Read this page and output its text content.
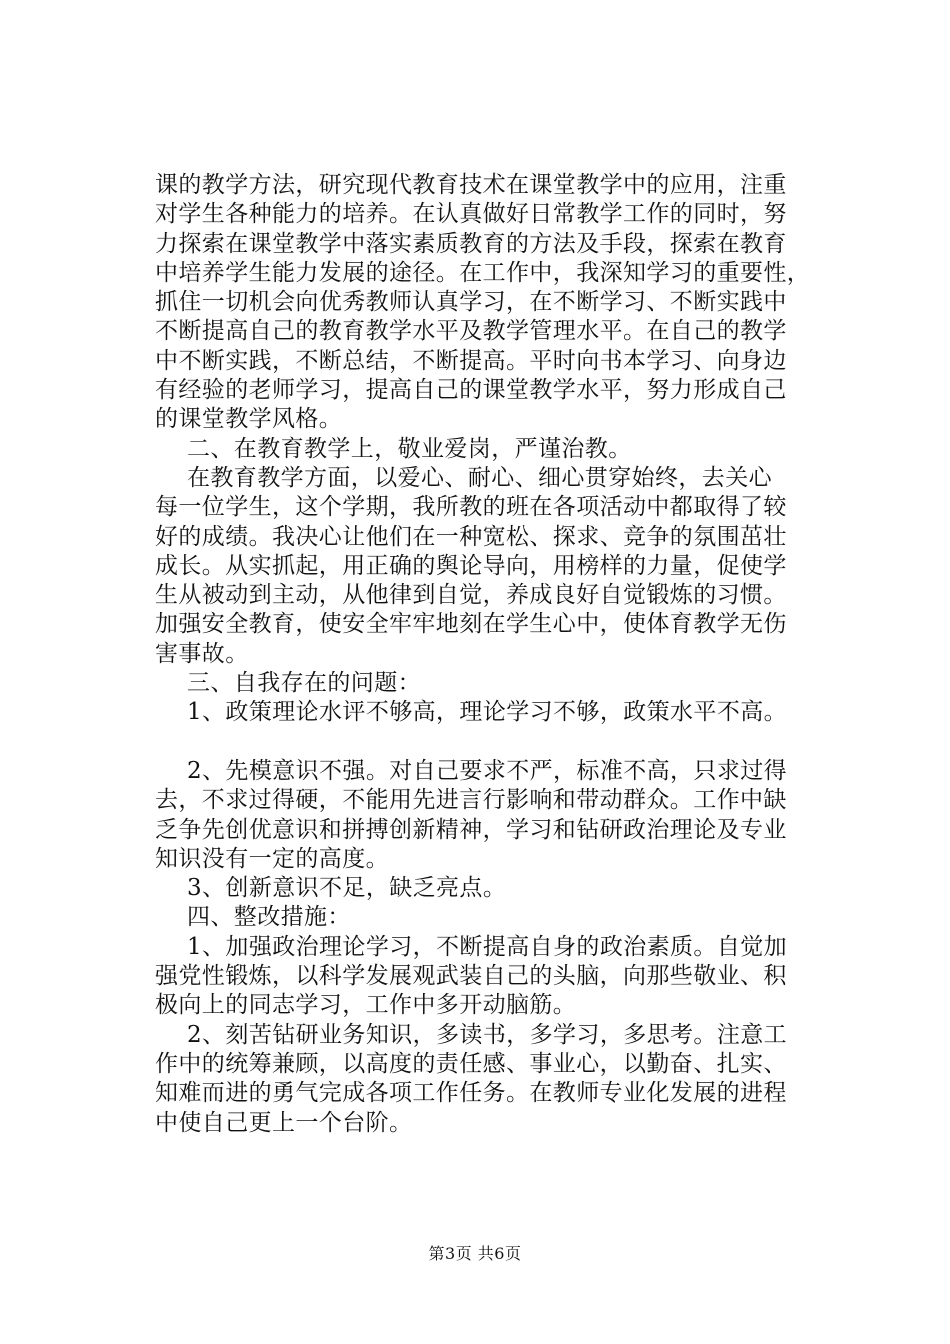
课的教学方法，研究现代教育技术在课堂教学中的应用，注重
对学生各种能力的培养。在认真做好日常教学工作的同时，努
力探索在课堂教学中落实素质教育的方法及手段，探索在教育
中培养学生能力发展的途径。在工作中，我深知学习的重要性，
抓住一切机会向优秀教师认真学习，在不断学习、不断实践中
不断提高自己的教育教学水平及教学管理水平。在自己的教学
中不断实践，不断总结，不断提高。平时向书本学习、向身边
有经验的老师学习，提高自己的课堂教学水平，努力形成自己
的课堂教学风格。
二、在教育教学上，敬业爱岗，严谨治教。
在教育教学方面，以爱心、耐心、细心贯穿始终，去关心
每一位学生，这个学期，我所教的班在各项活动中都取得了较
好的成绩。我决心让他们在一种宽松、探求、竞争的氛围茁壮
成长。从实抓起，用正确的舆论导向，用榜样的力量，促使学
生从被动到主动，从他律到自觉，养成良好自觉锻炼的习惯。
加强安全教育，使安全牢牢地刻在学生心中，使体育教学无伤
害事故。
三、自我存在的问题：
1、政策理论水评不够高，理论学习不够，政策水平不高。
2、先模意识不强。对自己要求不严，标准不高，只求过得
去，不求过得硬，不能用先进言行影响和带动群众。工作中缺
乏争先创优意识和拼搏创新精神，学习和钻研政治理论及专业
知识没有一定的高度。
3、创新意识不足，缺乏亮点。
四、整改措施：
1、加强政治理论学习，不断提高自身的政治素质。自觉加
强党性锻炼，以科学发展观武装自己的头脑，向那些敬业、积
极向上的同志学习，工作中多开动脑筋。
2、刻苦钻研业务知识，多读书，多学习，多思考。注意工
作中的统筹兼顾，以高度的责任感、事业心，以勤奋、扎实、
知难而进的勇气完成各项工作任务。在教师专业化发展的进程
中使自己更上一个台阶。
第3页 共6页
